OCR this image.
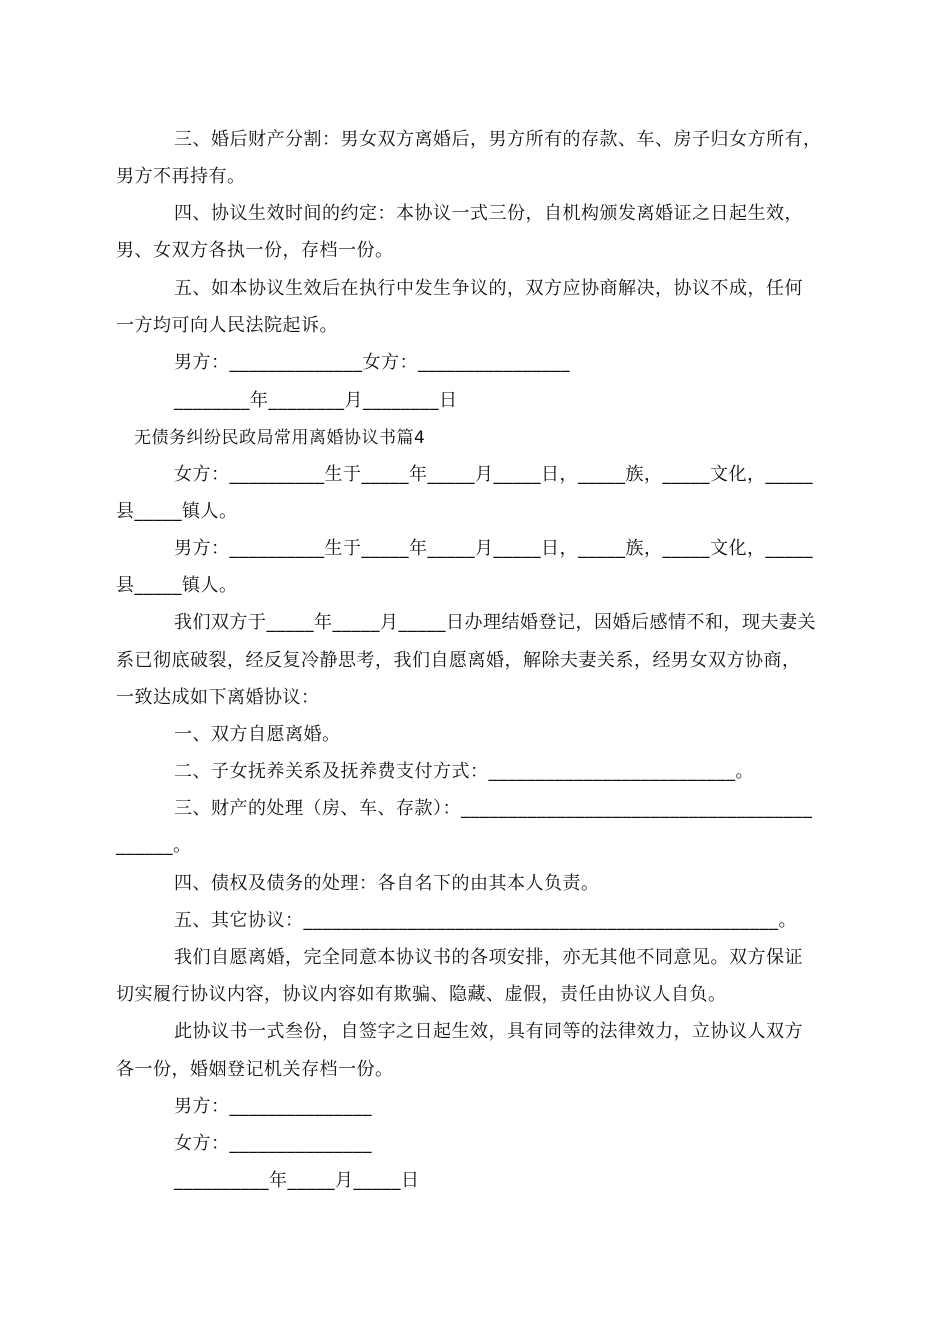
三、婚后财产分割：男女双方离婚后，男方所有的存款、车、房子归女方所有，
男方不再持有。
四、协议生效时间的约定：本协议一式三份，自机构颁发离婚证之日起生效，
男、女双方各执一份，存档一份。
五、如本协议生效后在执行中发生争议的，双方应协商解决，协议不成，任何
一方均可向人民法院起诉。
男方：______________女方：________________
________年________月________日
无债务纠纷民政局常用离婚协议书篇4
女方：__________生于_____年_____月_____日，_____族，_____文化，_____
县_____镇人。
男方：__________生于_____年_____月_____日，_____族，_____文化，_____
县_____镇人。
我们双方于_____年_____月_____日办理结婚登记，因婚后感情不和，现夫妻关
系已彻底破裂，经反复冷静思考，我们自愿离婚，解除夫妻关系，经男女双方协商，
一致达成如下离婚协议：
一、双方自愿离婚。
二、子女抚养关系及抚养费支付方式：__________________________。
三、财产的处理（房、车、存款）：_____________________________________
______。
四、债权及债务的处理：各自名下的由其本人负责。
五、其它协议：__________________________________________________。
我们自愿离婚，完全同意本协议书的各项安排，亦无其他不同意见。双方保证
切实履行协议内容，协议内容如有欺骗、隐藏、虚假，责任由协议人自负。
此协议书一式叁份，自签字之日起生效，具有同等的法律效力，立协议人双方
各一份，婚姻登记机关存档一份。
男方：_______________
女方：_______________
__________年_____月_____日
